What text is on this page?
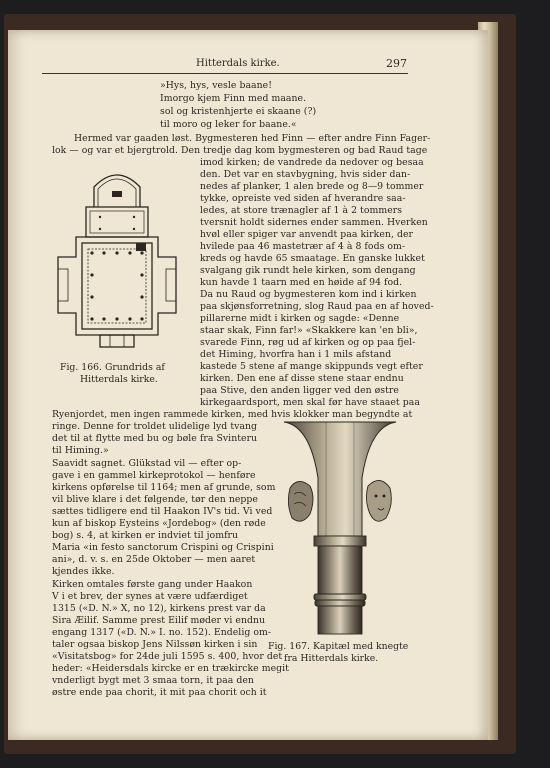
Hitterdals kirke.	297
»Hys, hys, vesle baane!
Imorgo kjem Finn med maane.
sol og kristenhjerte ei skaane (?)
til moro og leker for baane.«
Hermed var gaaden løst. Bygmesteren hed Finn — efter andre Finn Fager-
lok — og var et bjergtrold. Den tredje dag kom bygmesteren og bad Raud tage
Fig. 166. Grundrids af
Hitterdals kirke.
imod kirken; de vandrede da nedover og besaa
den. Det var en stavbygning, hvis sider dan-
nedes af planker, 1 alen brede og 8—9 tommer
tykke, opreiste ved siden af hverandre saa-
ledes, at store trænagler af 1 à 2 tommers
tversnit holdt sidernes ender sammen. Hverken
hvøl eller spiger var anvendt paa kirken, der
hvilede paa 46 mastetrær af 4 à 8 fods om-
kreds og havde 65 smaatage. En ganske lukket
svalgang gik rundt hele kirken, som dengang
kun havde 1 taarn med en høide af 94 fod.
Da nu Raud og bygmesteren kom ind i kirken
paa skjønsforretning, slog Raud paa en af hoved-
pillarerne midt i kirken og sagde: «Denne
staar skak, Finn far!» «Skakkere kan 'en bli»,
svarede Finn, røg ud af kirken og op paa fjel-
det Himing, hvorfra han i 1 mils afstand
kastede 5 stene af mange skippunds vegt efter
kirken. Den ene af disse stene staar endnu
paa Stive, den anden ligger ved den østre
kirkegaardsport, men skal før have staaet paa
Ryenjordet, men ingen rammede kirken, med hvis klokker man begyndte at
ringe. Denne for troldet ulidelige lyd tvang
det til at flytte med bu og bøle fra Svinteru
til Himing.»
Saavidt sagnet. Glükstad vil — efter op-
gave i en gammel kirkeprotokol — henføre
kirkens opførelse til 1164; men af grunde, som
vil blive klare i det følgende, tør den neppe
sættes tidligere end til Haakon IV's tid. Vi ved
kun af biskop Eysteins «Jordebog» (den røde
bog) s. 4, at kirken er indviet til jomfru
Maria «in festo sanctorum Crispini og Crispini
ani», d. v. s. en 25de Oktober — men aaret
kjendes ikke.
Kirken omtales første gang under Haakon
V i et brev, der synes at være udfærdiget
1315 («D. N.» X, no 12), kirkens prest var da
Sira Æilif. Samme prest Eilif møder vi endnu
engang 1317 («D. N.» I. no. 152). Endelig om-
taler ogsaa biskop Jens Nilssøn kirken i sin
«Visitatsbog» for 24de juli 1595 s. 400, hvor det
heder: «Heidersdals kircke er en trækircke megit
vnderligt bygt met 3 smaa torn, it paa den
østre ende paa chorit, it mit paa chorit och it
Fig. 167. Kapitæl med knegte
fra Hitterdals kirke.
